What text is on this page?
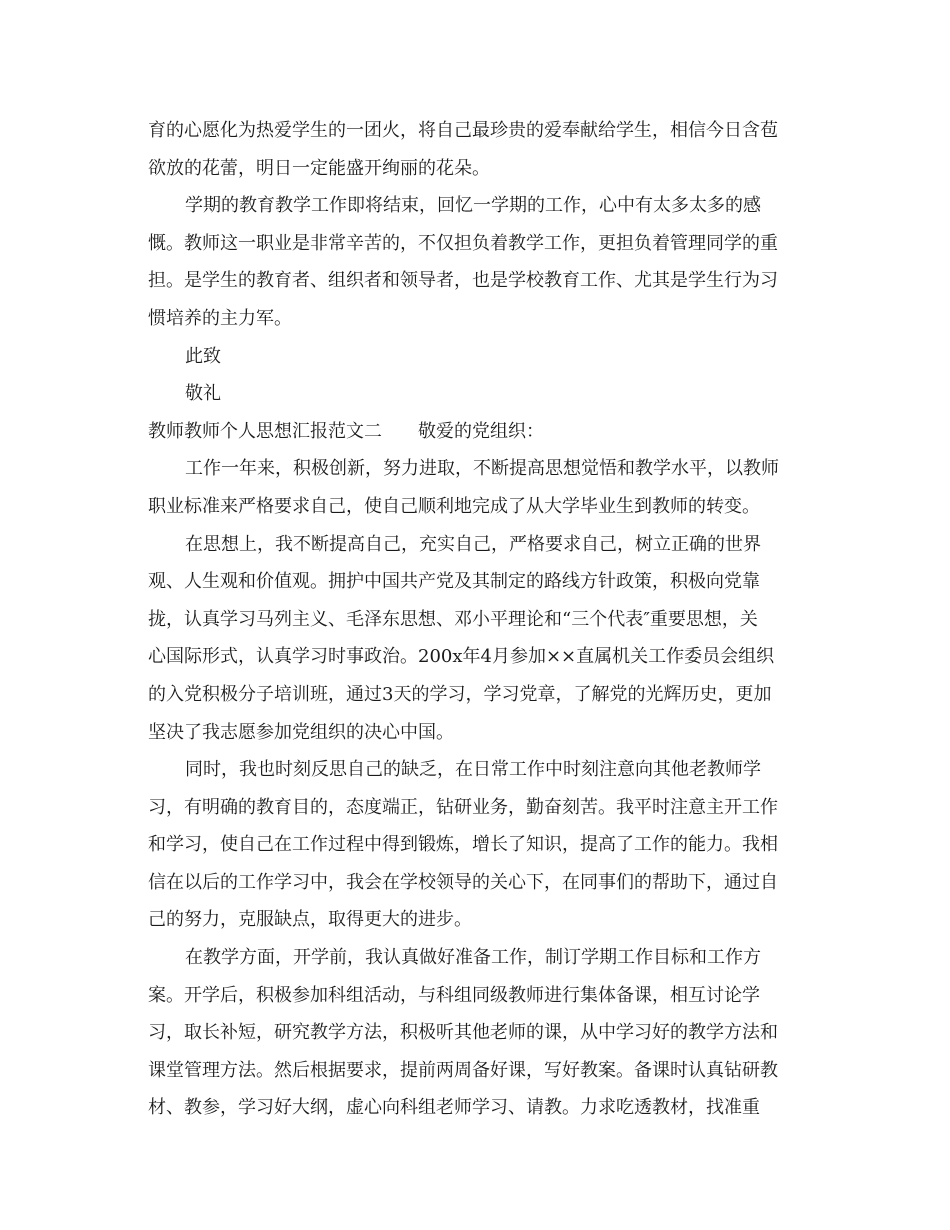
育的心愿化为热爱学生的一团火，将自己最珍贵的爱奉献给学生，相信今日含苞
欲放的花蕾，明日一定能盛开绚丽的花朵。
学期的教育教学工作即将结束，回忆一学期的工作，心中有太多太多的感
慨。教师这一职业是非常辛苦的，不仅担负着教学工作，更担负着管理同学的重
担。是学生的教育者、组织者和领导者，也是学校教育工作、尤其是学生行为习
惯培养的主力军。
此致
敬礼
教师教师个人思想汇报范文二　　敬爱的党组织：
工作一年来，积极创新，努力进取，不断提高思想觉悟和教学水平，以教师
职业标准来严格要求自己，使自己顺利地完成了从大学毕业生到教师的转变。
在思想上，我不断提高自己，充实自己，严格要求自己，树立正确的世界
观、人生观和价值观。拥护中国共产党及其制定的路线方针政策，积极向党靠
拢，认真学习马列主义、毛泽东思想、邓小平理论和“三个代表″重要思想，关
心国际形式，认真学习时事政治。200x年4月参加××直属机关工作委员会组织
的入党积极分子培训班，通过3天的学习，学习党章，了解党的光辉历史，更加
坚决了我志愿参加党组织的决心中国。
同时，我也时刻反思自己的缺乏，在日常工作中时刻注意向其他老教师学
习，有明确的教育目的，态度端正，钻研业务，勤奋刻苦。我平时注意主开工作
和学习，使自己在工作过程中得到锻炼，增长了知识，提高了工作的能力。我相
信在以后的工作学习中，我会在学校领导的关心下，在同事们的帮助下，通过自
己的努力，克服缺点，取得更大的进步。
在教学方面，开学前，我认真做好准备工作，制订学期工作目标和工作方
案。开学后，积极参加科组活动，与科组同级教师进行集体备课，相互讨论学
习，取长补短，研究教学方法，积极听其他老师的课，从中学习好的教学方法和
课堂管理方法。然后根据要求，提前两周备好课，写好教案。备课时认真钻研教
材、教参，学习好大纲，虚心向科组老师学习、请教。力求吃透教材，找准重
